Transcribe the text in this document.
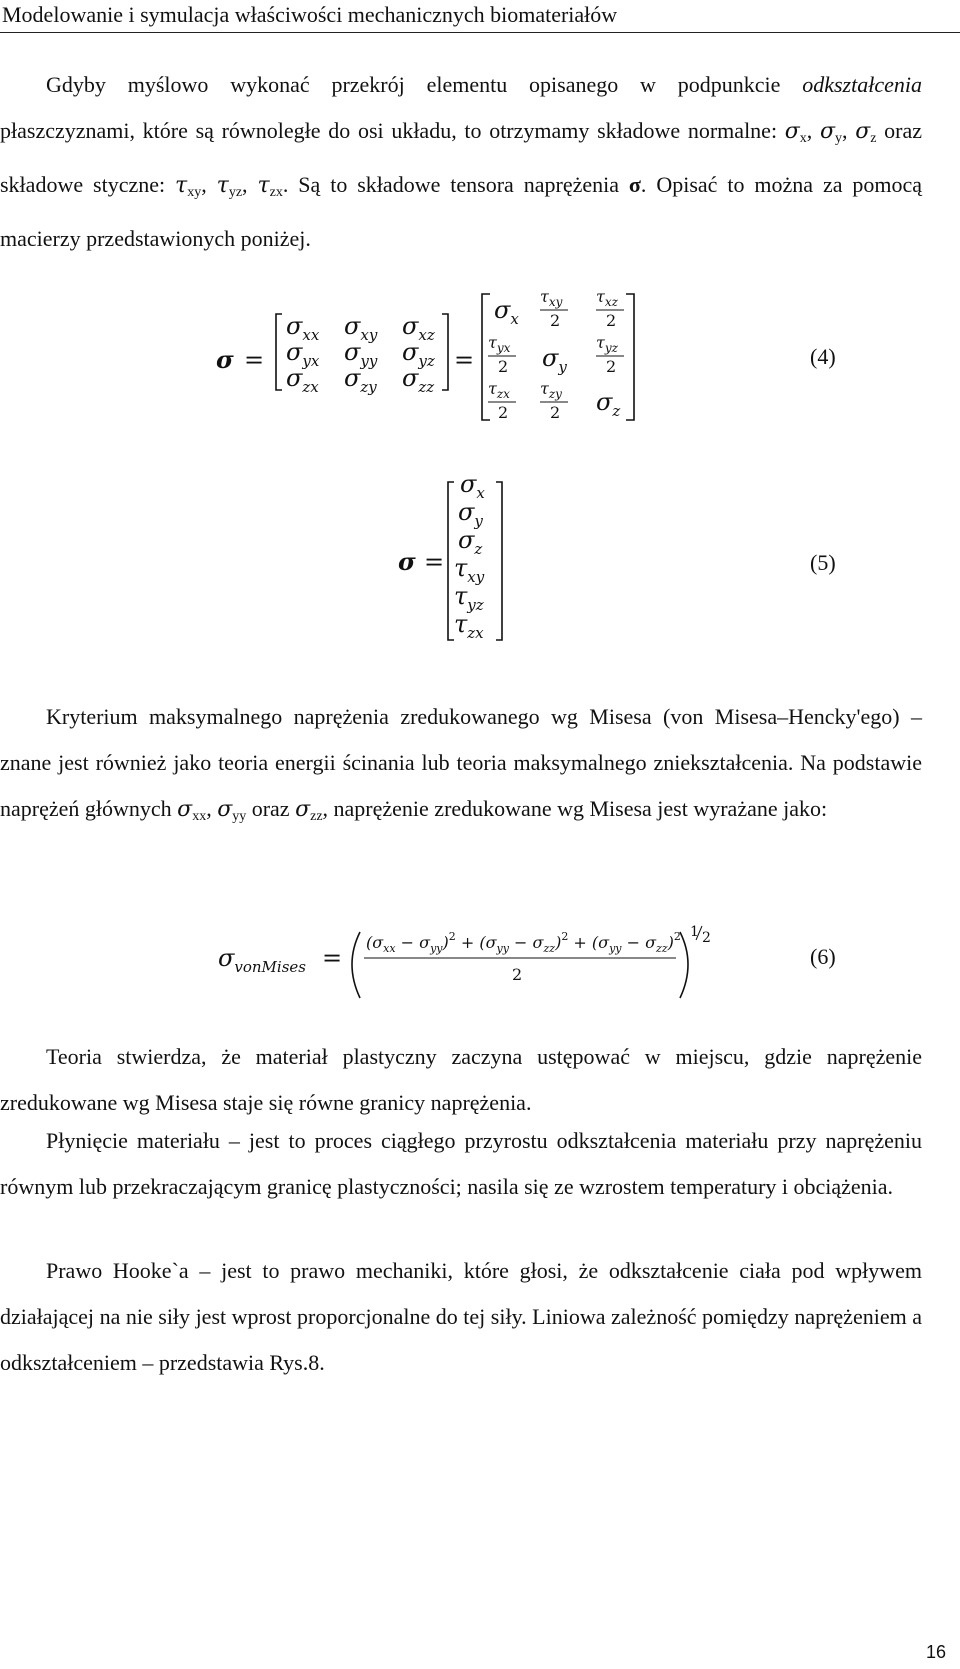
Modelowanie i symulacja właściwości mechanicznych biomateriałów

Gdyby myślowo wykonać przekrój elementu opisanego w podpunkcie odkształcenia płaszczyznami, które są równoległe do osi układu, to otrzymamy składowe normalne: $\sigma_x$, $\sigma_y$, $\sigma_z$ oraz składowe styczne: $\tau_{xy}$, $\tau_{yz}$, $\tau_{zx}$. Są to składowe tensora naprężenia σ. Opisać to można za pomocą macierzy przedstawionych poniżej.

σ =
$\sigma_{xx}$ $\sigma_{xy}$ $\sigma_{xz}$
$\sigma_{yx}$ $\sigma_{yy}$ $\sigma_{yz}$
$\sigma_{zx}$ $\sigma_{zy}$ $\sigma_{zz}$
=
$\sigma_x$
$\tau_{xy}$
2
$\tau_{xz}$
2
$\tau_{yx}$
2
$\tau_{yz}$
2
$\tau_{zx}$
2
$\tau_{zy}$
2
$\sigma_y$
$\sigma_z$
(4)
σ =
$\sigma_x$
$\sigma_y$
$\sigma_z$
$\tau_{xy}$
$\tau_{yz}$
$\tau_{zx}$
(5)

Kryterium maksymalnego naprężenia zredukowanego wg Misesa (von Misesa–Hencky'ego) – znane jest również jako teoria energii ścinania lub teoria maksymalnego zniekształcenia. Na podstawie naprężeń głównych $\sigma_{xx}$, $\sigma_{yy}$ oraz $\sigma_{zz}$, naprężenie zredukowane wg Misesa jest wyrażane jako:

$\sigma_{vonMises}$ =
$(\sigma_{xx} - \sigma_{yy})^2 + (\sigma_{yy} - \sigma_{zz})^2 + (\sigma_{yy} - \sigma_{zz})^2$
2
1 2
(6)

Teoria stwierdza, że materiał plastyczny zaczyna ustępować w miejscu, gdzie naprężenie zredukowane wg Misesa staje się równe granicy naprężenia.

Płynięcie materiału – jest to proces ciągłego przyrostu odkształcenia materiału przy naprężeniu równym lub przekraczającym granicę plastyczności; nasila się ze wzrostem temperatury i obciążenia.

Prawo Hooke`a – jest to prawo mechaniki, które głosi, że odkształcenie ciała pod wpływem działającej na nie siły jest wprost proporcjonalne do tej siły. Liniowa zależność pomiędzy naprężeniem a odkształceniem – przedstawia Rys.8.

16
